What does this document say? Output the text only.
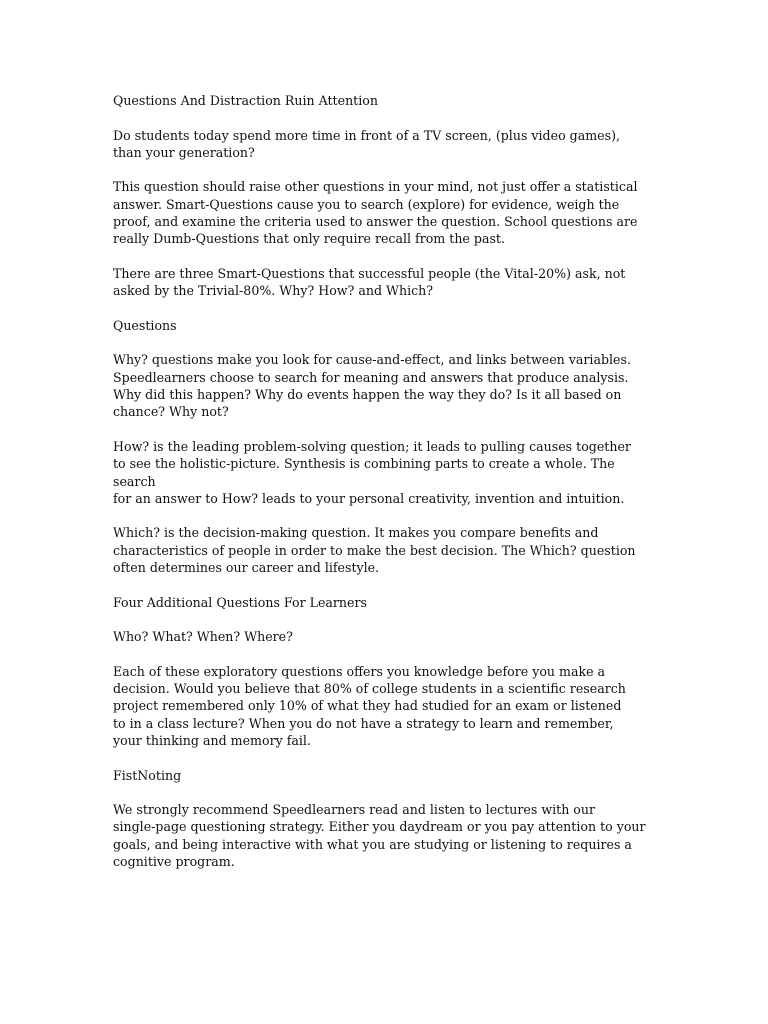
Questions And Distraction Ruin Attention

Do students today spend more time in front of a TV screen, (plus video games),
than your generation?

This question should raise other questions in your mind, not just offer a statistical
answer. Smart-Questions cause you to search (explore) for evidence, weigh the
proof, and examine the criteria used to answer the question. School questions are
really Dumb-Questions that only require recall from the past.

There are three Smart-Questions that successful people (the Vital-20%) ask, not
asked by the Trivial-80%. Why? How? and Which?

Questions

Why? questions make you look for cause-and-effect, and links between variables.
Speedlearners choose to search for meaning and answers that produce analysis.
Why did this happen? Why do events happen the way they do? Is it all based on
chance? Why not?

How? is the leading problem-solving question; it leads to pulling causes together
to see the holistic-picture. Synthesis is combining parts to create a whole. The search
for an answer to How? leads to your personal creativity, invention and intuition.

Which? is the decision-making question. It makes you compare benefits and
characteristics of people in order to make the best decision. The Which? question
often determines our career and lifestyle.

Four Additional Questions For Learners

Who? What? When? Where?

Each of these exploratory questions offers you knowledge before you make a
decision. Would you believe that 80% of college students in a scientific research
project remembered only 10% of what they had studied for an exam or listened
to in a class lecture? When you do not have a strategy to learn and remember,
your thinking and memory fail.

FistNoting

We strongly recommend Speedlearners read and listen to lectures with our
single-page questioning strategy. Either you daydream or you pay attention to your
goals, and being interactive with what you are studying or listening to requires a
cognitive program.
